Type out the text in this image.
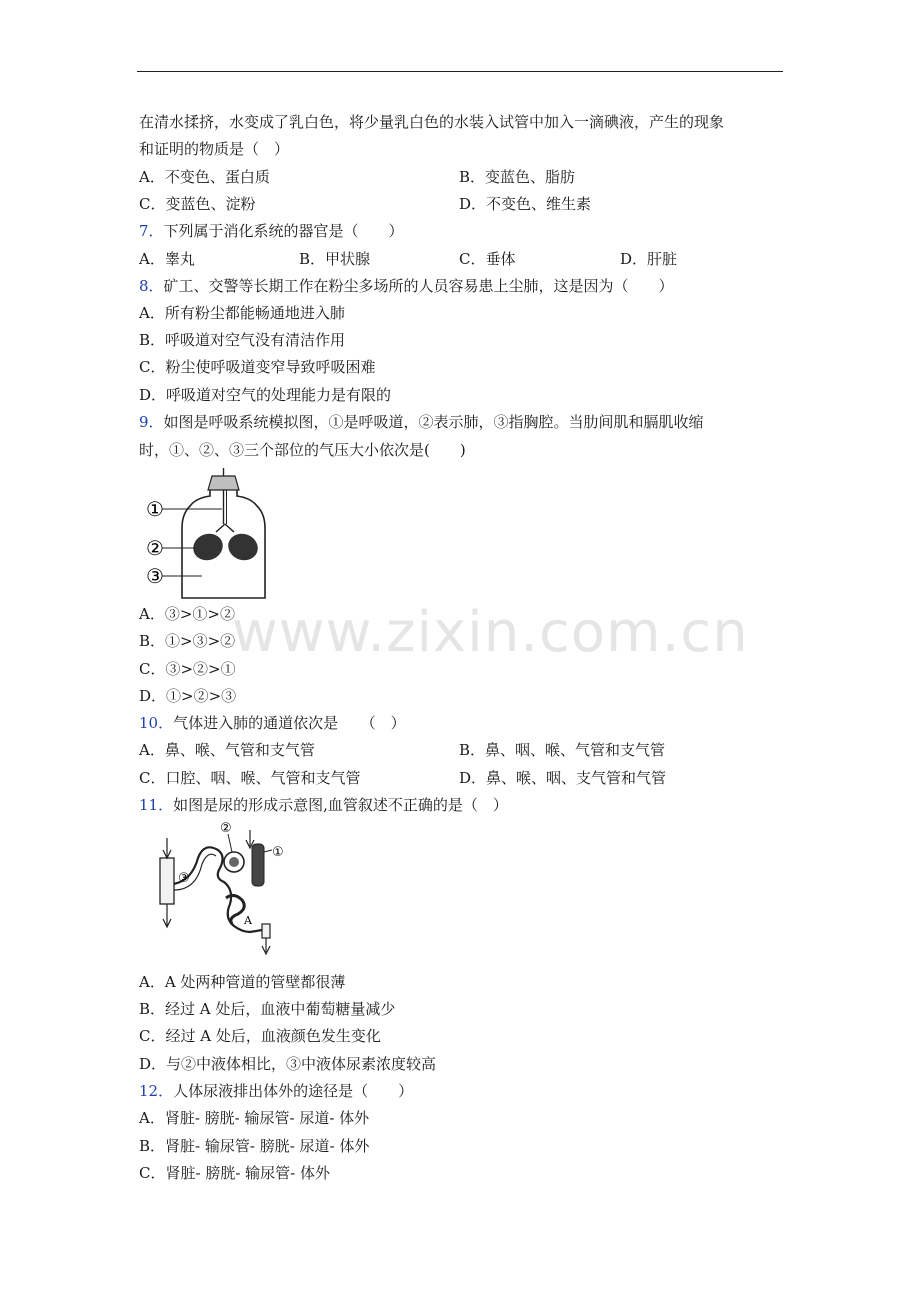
www.zixin.com.cn
在清水揉挤，水变成了乳白色，将少量乳白色的水装入试管中加入一滴碘液，产生的现象
和证明的物质是（　）
A．不变色、蛋白质	B．变蓝色、脂肪
C．变蓝色、淀粉	D．不变色、维生素
7．下列属于消化系统的器官是（　　）
A．睾丸	B．甲状腺	C．垂体	D．肝脏
8．矿工、交警等长期工作在粉尘多场所的人员容易患上尘肺，这是因为（　　）
A．所有粉尘都能畅通地进入肺
B．呼吸道对空气没有清洁作用
C．粉尘使呼吸道变窄导致呼吸困难
D．呼吸道对空气的处理能力是有限的
9．如图是呼吸系统模拟图，①是呼吸道，②表示肺，③指胸腔。当肋间肌和膈肌收缩
时，①、②、③三个部位的气压大小依次是(　　)
①
②
③
A．③>①>②
B．①>③>②
C．③>②>①
D．①>②>③
10．气体进入肺的通道依次是　　（　）
A．鼻、喉、气管和支气管	B．鼻、咽、喉、气管和支气管
C．口腔、咽、喉、气管和支气管	D．鼻、喉、咽、支气管和气管
11．如图是尿的形成示意图,血管叙述不正确的是（　）
②
①
③
A
A．A 处两种管道的管壁都很薄
B．经过 A 处后，血液中葡萄糖量减少
C．经过 A 处后，血液颜色发生变化
D．与②中液体相比，③中液体尿素浓度较高
12．人体尿液排出体外的途径是（　　）
A．肾脏- 膀胱- 输尿管- 尿道- 体外
B．肾脏- 输尿管- 膀胱- 尿道- 体外
C．肾脏- 膀胱- 输尿管- 体外
